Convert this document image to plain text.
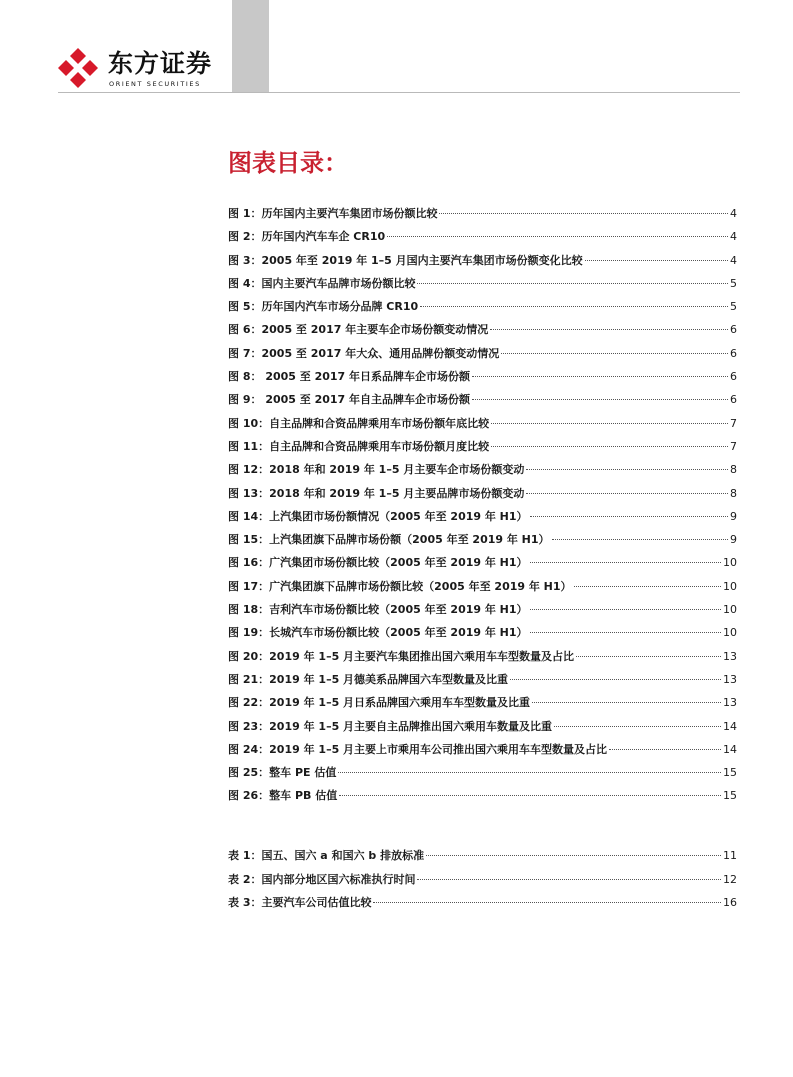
东方证券
ORIENT SECURITIES
图表目录：
图 1：历年国内主要汽车集团市场份额比较	4
图 2：历年国内汽车车企 CR10	4
图 3：2005 年至 2019 年 1–5 月国内主要汽车集团市场份额变化比较	4
图 4：国内主要汽车品牌市场份额比较	5
图 5：历年国内汽车市场分品牌 CR10	5
图 6：2005 至 2017 年主要车企市场份额变动情况	6
图 7：2005 至 2017 年大众、通用品牌份额变动情况	6
图 8： 2005 至 2017 年日系品牌车企市场份额	6
图 9： 2005 至 2017 年自主品牌车企市场份额	6
图 10：自主品牌和合资品牌乘用车市场份额年底比较	7
图 11：自主品牌和合资品牌乘用车市场份额月度比较	7
图 12：2018 年和 2019 年 1–5 月主要车企市场份额变动	8
图 13：2018 年和 2019 年 1–5 月主要品牌市场份额变动	8
图 14：上汽集团市场份额情况（2005 年至 2019 年 H1）	9
图 15：上汽集团旗下品牌市场份额（2005 年至 2019 年 H1）	9
图 16：广汽集团市场份额比较（2005 年至 2019 年 H1）	10
图 17：广汽集团旗下品牌市场份额比较（2005 年至 2019 年 H1）	10
图 18：吉利汽车市场份额比较（2005 年至 2019 年 H1）	10
图 19：长城汽车市场份额比较（2005 年至 2019 年 H1）	10
图 20：2019 年 1–5 月主要汽车集团推出国六乘用车车型数量及占比	13
图 21：2019 年 1–5 月德美系品牌国六车型数量及比重	13
图 22：2019 年 1–5 月日系品牌国六乘用车车型数量及比重	13
图 23：2019 年 1–5 月主要自主品牌推出国六乘用车数量及比重	14
图 24：2019 年 1–5 月主要上市乘用车公司推出国六乘用车车型数量及占比	14
图 25：整车 PE 估值	15
图 26：整车 PB 估值	15
表 1：国五、国六 a 和国六 b 排放标准	11
表 2：国内部分地区国六标准执行时间	12
表 3：主要汽车公司估值比较	16
